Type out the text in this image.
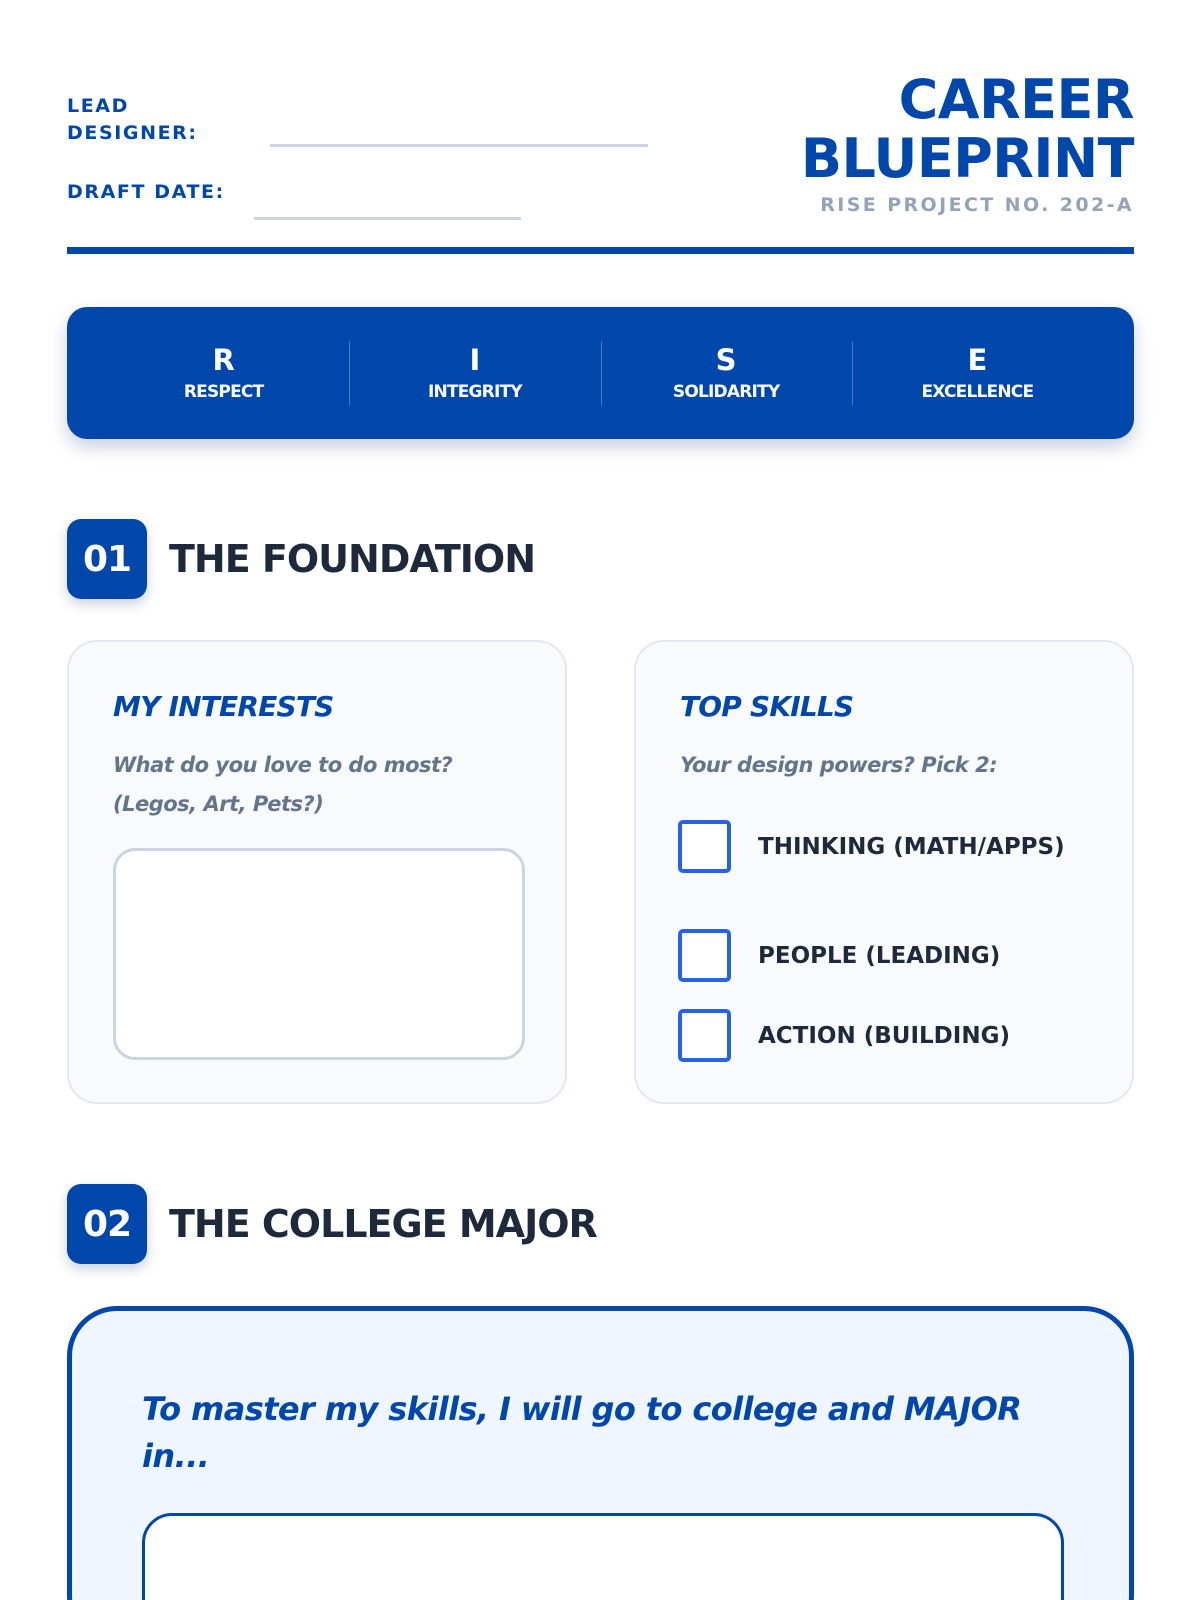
LEAD DESIGNER:
DRAFT DATE:
CAREER
BLUEPRINT
RISE PROJECT NO. 202-A
R
RESPECT
I
INTEGRITY
S
SOLIDARITY
E
EXCELLENCE
01 THE FOUNDATION
MY INTERESTS
What do you love to do most? (Legos, Art, Pets?)
TOP SKILLS
Your design powers? Pick 2:
THINKING (MATH/APPS)
PEOPLE (LEADING)
ACTION (BUILDING)
02 THE COLLEGE MAJOR
To master my skills, I will go to college and MAJOR in...
